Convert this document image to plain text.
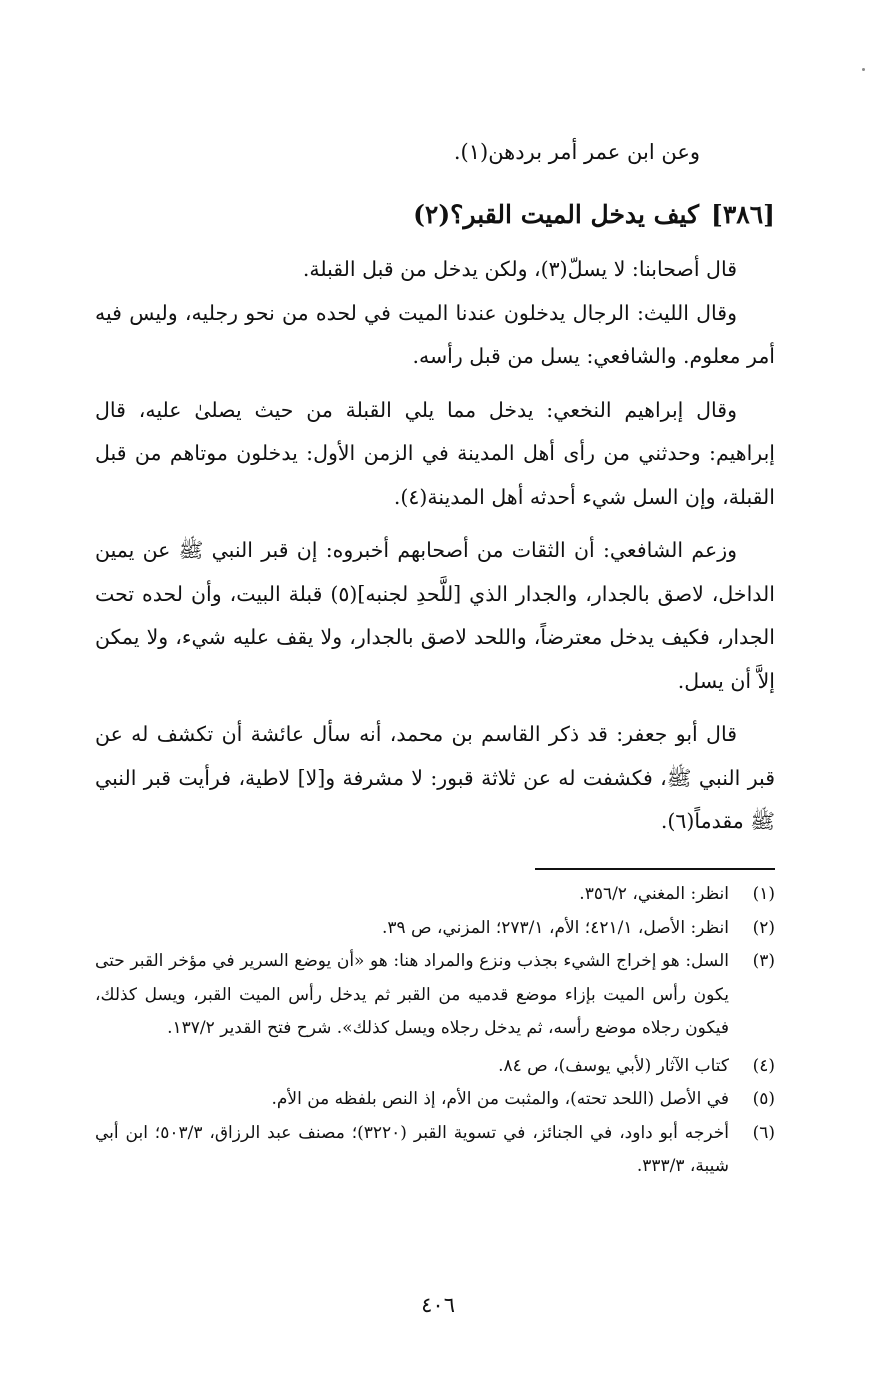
وعن ابن عمر أمر بردهن(١).
[٣٨٦]كيف يدخل الميت القبر؟(٢)

قال أصحابنا: لا يسلّ(٣)، ولكن يدخل من قبل القبلة.

وقال الليث: الرجال يدخلون عندنا الميت في لحده من نحو رجليه، وليس فيه أمر معلوم. والشافعي: يسل من قبل رأسه.

وقال إبراهيم النخعي: يدخل مما يلي القبلة من حيث يصلىٰ عليه، قال إبراهيم: وحدثني من رأى أهل المدينة في الزمن الأول: يدخلون موتاهم من قبل القبلة، وإن السل شيء أحدثه أهل المدينة(٤).

وزعم الشافعي: أن الثقات من أصحابهم أخبروه: إن قبر النبي ﷺ عن يمين الداخل، لاصق بالجدار، والجدار الذي [للَّحدِ لجنبه](٥) قبلة البيت، وأن لحده تحت الجدار، فكيف يدخل معترضاً، واللحد لاصق بالجدار، ولا يقف عليه شيء، ولا يمكن إلاَّ أن يسل.

قال أبو جعفر: قد ذكر القاسم بن محمد، أنه سأل عائشة أن تكشف له عن قبر النبي ﷺ، فكشفت له عن ثلاثة قبور: لا مشرفة و[لا] لاطية، فرأيت قبر النبي ﷺ مقدماً(٦).

(١)

انظر: المغني، ٣٥٦/٢.

(٢)

انظر: الأصل، ٤٢١/١؛ الأم، ٢٧٣/١؛ المزني، ص ٣٩.

(٣)

السل: هو إخراج الشيء بجذب ونزع والمراد هنا: هو «أن يوضع السرير في مؤخر القبر حتى يكون رأس الميت بإزاء موضع قدميه من القبر ثم يدخل رأس الميت القبر، ويسل كذلك، فيكون رجلاه موضع رأسه، ثم يدخل رجلاه ويسل كذلك». شرح فتح القدير ١٣٧/٢.

(٤)

كتاب الآثار (لأبي يوسف)، ص ٨٤.

(٥)

في الأصل (اللحد تحته)، والمثبت من الأم، إذ النص بلفظه من الأم.

(٦)

أخرجه أبو داود، في الجنائز، في تسوية القبر (٣٢٢٠)؛ مصنف عبد الرزاق، ٥٠٣/٣؛ ابن أبي شيبة، ٣٣٣/٣.

٤٠٦
